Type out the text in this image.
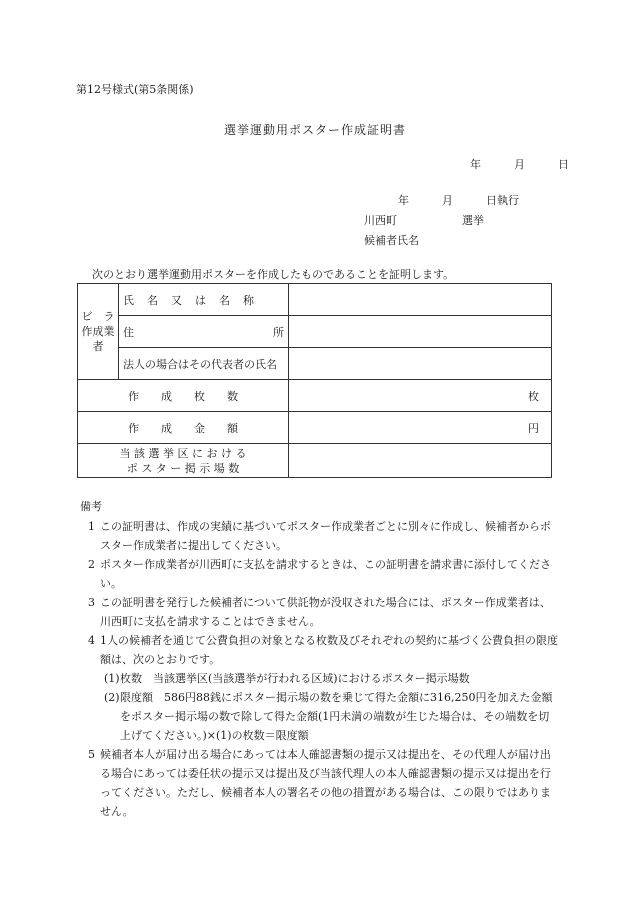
第12号様式(第5条関係)
選挙運動用ポスター作成証明書
年	月	日
年	月	日執行
川西町	選挙
候補者氏名
次のとおり選挙運動用ポスターを作成したものであることを証明します。
ビ　ラ
作成業者	氏　名　又　は　名　称	

	住 所	

	法人の場合はその代表者の氏名	
作　　成　　枚　　数		枚
作　　成　　金　　額		円

当 該 選 挙 区 に お け る
ポ ス タ ー 掲 示 場 数		

備考

1 この証明書は、作成の実績に基づいてポスター作成業者ごとに別々に作成し、候補者からポスター作成業者に提出してください。

2 ポスター作成業者が川西町に支払を請求するときは、この証明書を請求書に添付してください。

3 この証明書を発行した候補者について供託物が没収された場合には、ポスター作成業者は、川西町に支払を請求することはできません。

4 1人の候補者を通じて公費負担の対象となる枚数及びそれぞれの契約に基づく公費負担の限度額は、次のとおりです。

(1) 枚数　当該選挙区(当該選挙が行われる区域)におけるポスター掲示場数

(2) 限度額　586円88銭にポスター掲示場の数を乗じて得た金額に316,250円を加えた金額をポスター掲示場の数で除して得た金額(1円未満の端数が生じた場合は、その端数を切上げてください。)×(1)の枚数＝限度額

5 候補者本人が届け出る場合にあっては本人確認書類の提示又は提出を、その代理人が届け出る場合にあっては委任状の提示又は提出及び当該代理人の本人確認書類の提示又は提出を行ってください。ただし、候補者本人の署名その他の措置がある場合は、この限りではありません。
